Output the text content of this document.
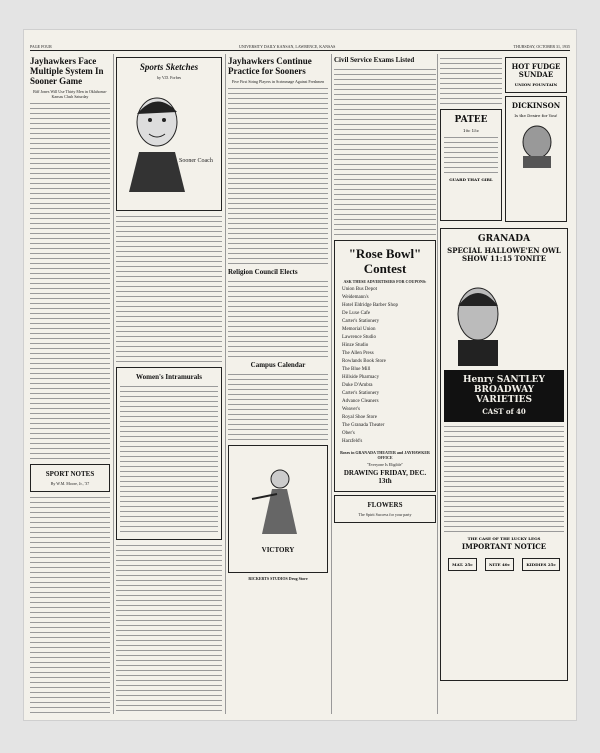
PAGE FOUR	UNIVERSITY DAILY KANSAN, LAWRENCE, KANSAS	THURSDAY, OCTOBER 31, 1935
Jayhawkers Face Multiple System In Sooner Game
Biff Jones Will Use Thirty Men in Oklahoma-Kansas Clash Saturday
SPORT NOTES
By W.M. Moore, Jr., '37
Sports Sketches
by V.D. Forbes
Sooner Coach
Women's Intramurals
Jayhawkers Continue Practice for Sooners
Five First String Players in Scrimmage Against Freshmen
Religion Council Elects
Campus Calendar
VICTORY
RICKERTS STUDIOS Drug Store
Civil Service Exams Listed
"Rose Bowl" Contest
ASK THESE ADVERTISERS FOR COUPONS:
Union Bus Depot
Weidemann's
Hotel Eldridge Barber Shop
De Luxe Cafe
Carter's Stationery
Memorial Union
Lawrence Studio
Hinze Studio
The Allen Press
Rowlands Book Store
The Blue Mill
Hillside Pharmacy
Duke D'Ambra
Carter's Stationery
Advance Cleaners
Weaver's
Royal Shoe Store
The Granada Theater
Ober's
Harzfeld's
Boxes in GRANADA THEATER and JAYHAWKER OFFICE
"Everyone Is Eligible"
DRAWING FRIDAY, DEC. 13th
FLOWERS
The Spirit Success for your party
PATEE
10c 15c
GUARD THAT GIRL
HOT FUDGE SUNDAE
UNION FOUNTAIN
DICKINSON
Is the Desire for You!
GRANADA
SPECIAL HALLOWE'EN OWL SHOW 11:15 TONITE
Henry SANTLEY BROADWAY VARIETIES
CAST of 40
THE CASE OF THE LUCKY LEGS
IMPORTANT NOTICE
MAT. 25c	NITE 40c	KIDDIES 25c
